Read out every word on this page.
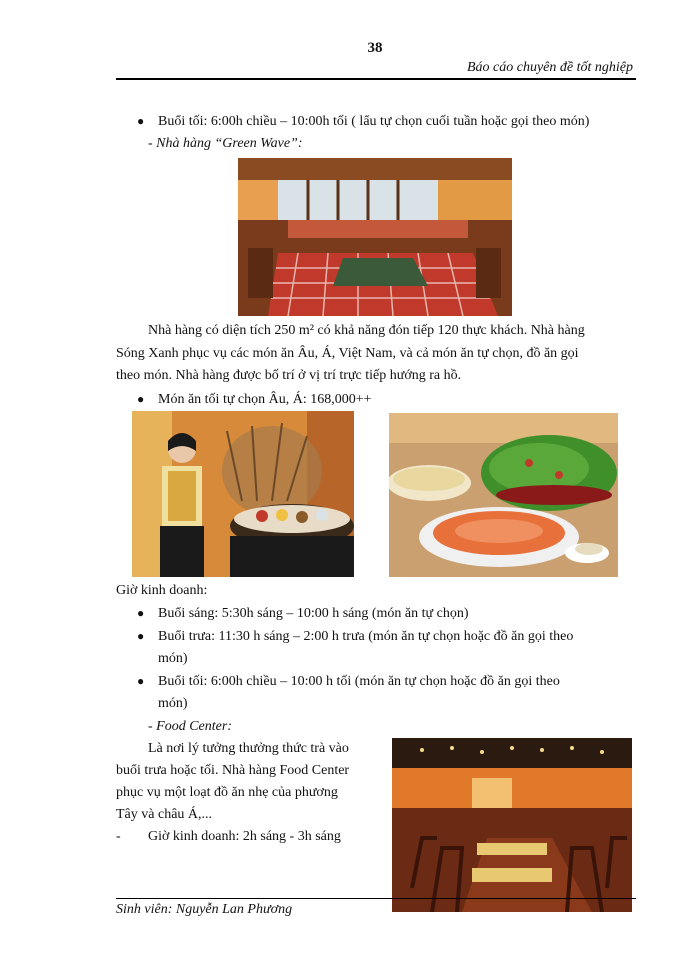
38
Báo cáo chuyên đề tốt nghiệp
● Buổi tối: 6:00h chiều – 10:00h tối ( lẩu tự chọn cuối tuần hoặc gọi theo món)
- Nhà hàng “Green Wave”:
Nhà hàng có diện tích 250 m² có khả năng đón tiếp 120 thực khách. Nhà hàng
Sóng Xanh phục vụ các món ăn Âu, Á, Việt Nam, và cả món ăn tự chọn, đồ ăn gọi
theo món. Nhà hàng được bố trí ở vị trí trực tiếp hướng ra hồ.
● Món ăn tối tự chọn Âu, Á: 168,000++
Giờ kinh doanh:
● Buổi sáng: 5:30h sáng – 10:00 h sáng (món ăn tự chọn)
● Buổi trưa: 11:30 h sáng – 2:00 h trưa (món ăn tự chọn hoặc đồ ăn gọi theo
món)
● Buổi tối: 6:00h chiều – 10:00 h tối (món ăn tự chọn hoặc đồ ăn gọi theo
món)
- Food Center:
Là nơi lý tưởng thưởng thức trà vào
buổi trưa hoặc tối. Nhà hàng Food Center
phục vụ một loạt đồ ăn nhẹ của phương
Tây và châu Á,...
- Giờ kinh doanh: 2h sáng - 3h sáng
Sinh viên: Nguyễn Lan Phương
